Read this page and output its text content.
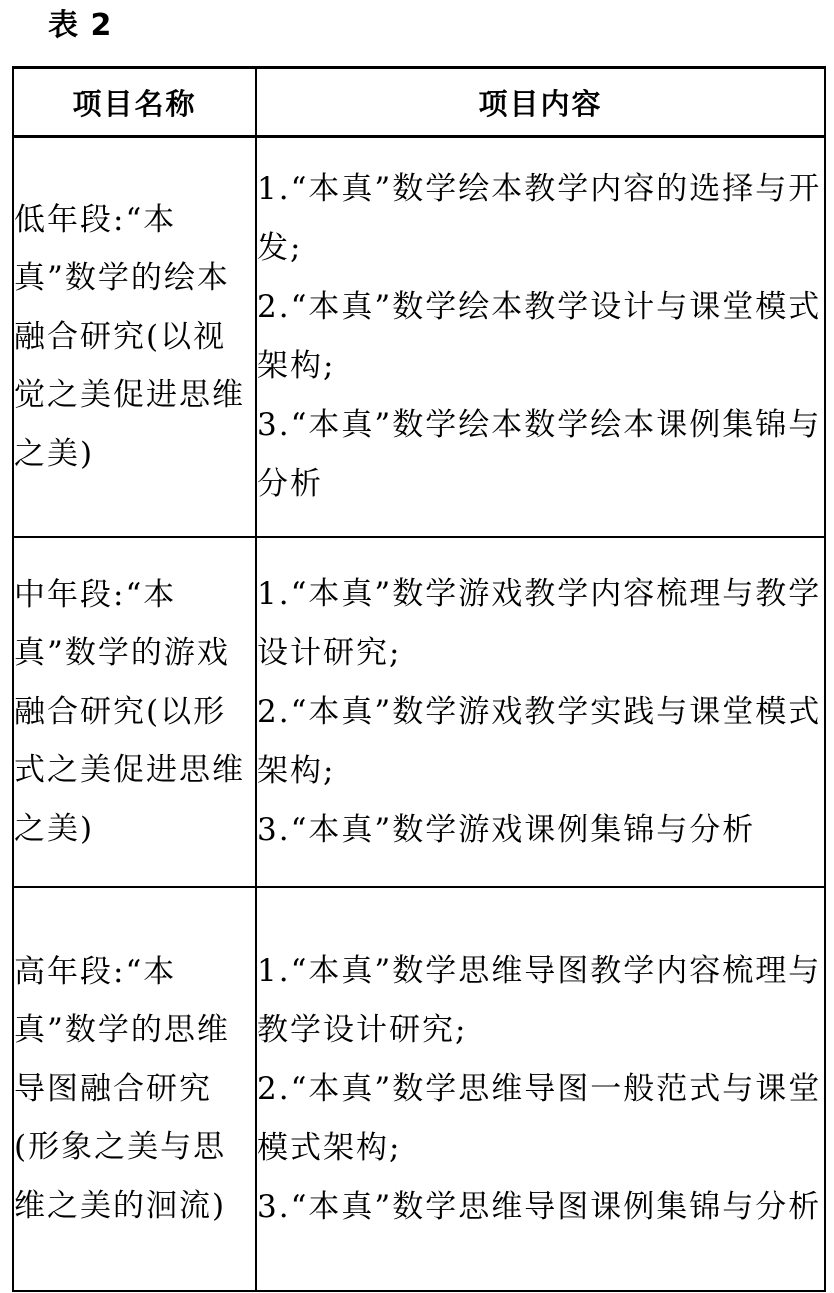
表 2
项目名称	项目内容
低年段:“本真”数学的绘本融合研究(以视觉之美促进思维之美)	1.“本真”数学绘本教学内容的选择与开发;
2.“本真”数学绘本教学设计与课堂模式架构;
3.“本真”数学绘本数学绘本课例集锦与分析

中年段:“本真”数学的游戏融合研究(以形式之美促进思维之美)	1.“本真”数学游戏教学内容梳理与教学设计研究;
2.“本真”数学游戏教学实践与课堂模式架构;
3.“本真”数学游戏课例集锦与分析

高年段:“本真”数学的思维导图融合研究(形象之美与思维之美的洄流)	1.“本真”数学思维导图教学内容梳理与教学设计研究;
2.“本真”数学思维导图一般范式与课堂模式架构;
3.“本真”数学思维导图课例集锦与分析
